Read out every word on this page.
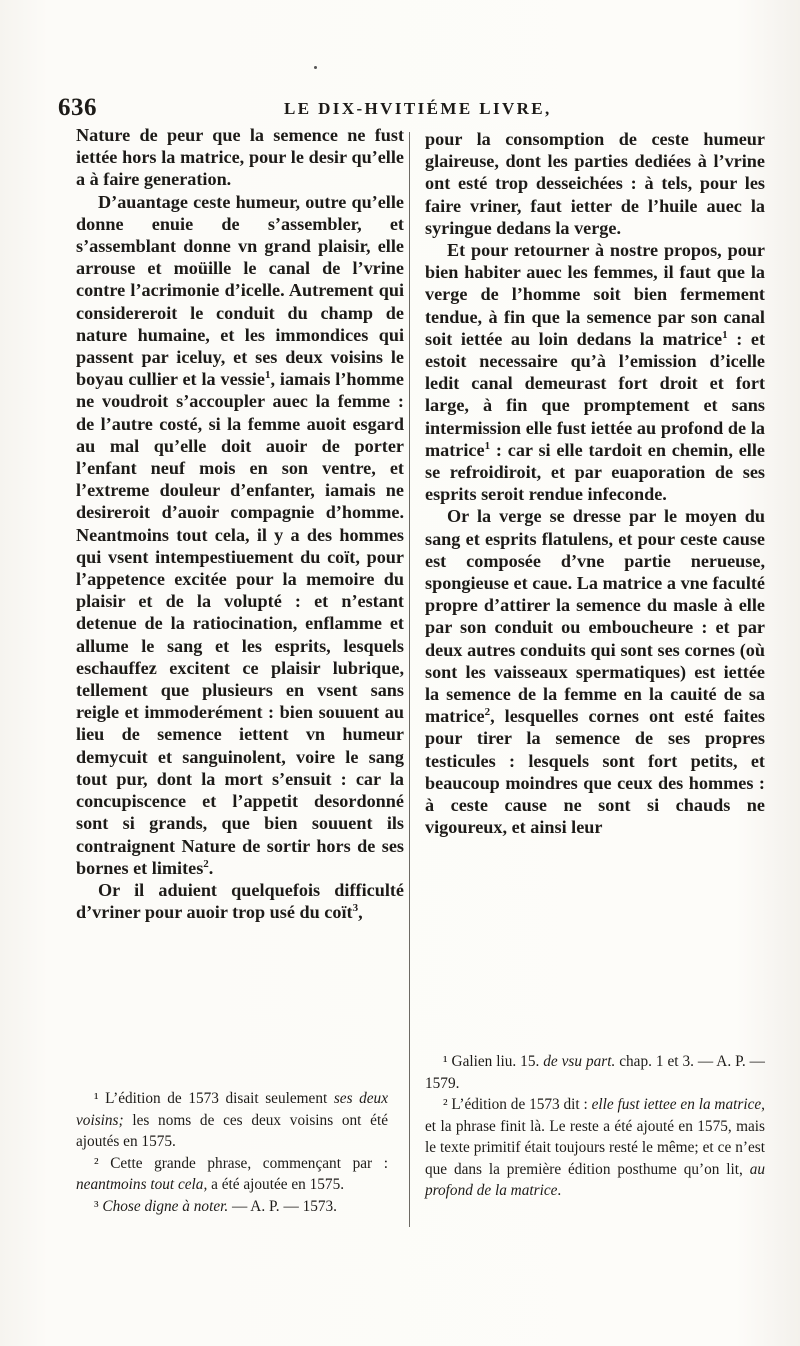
636	LE DIX-HVITIÉME LIVRE,

Nature de peur que la semence ne fust iettée hors la matrice, pour le desir qu’elle a à faire generation.

D’auantage ceste humeur, outre qu’elle donne enuie de s’assembler, et s’assemblant donne vn grand plaisir, elle arrouse et moüille le canal de l’vrine contre l’acrimonie d’icelle. Autrement qui considereroit le conduit du champ de nature humaine, et les immondices qui passent par iceluy, et ses deux voisins le boyau cullier et la vessie$^1$, iamais l’homme ne voudroit s’accoupler auec la femme : de l’autre costé, si la femme auoit esgard au mal qu’elle doit auoir de porter l’enfant neuf mois en son ventre, et l’extreme douleur d’enfanter, iamais ne desireroit d’auoir compagnie d’homme. Neantmoins tout cela, il y a des hommes qui vsent intempestiuement du coït, pour l’appetence excitée pour la memoire du plaisir et de la volupté : et n’estant detenue de la ratiocination, enflamme et allume le sang et les esprits, lesquels eschauffez excitent ce plaisir lubrique, tellement que plusieurs en vsent sans reigle et immoderément : bien souuent au lieu de semence iettent vn humeur demycuit et sanguinolent, voire le sang tout pur, dont la mort s’ensuit : car la concupiscence et l’appetit desordonné sont si grands, que bien souuent ils contraignent Nature de sortir hors de ses bornes et limites$^2$.

Or il aduient quelquefois difficulté d’vriner pour auoir trop usé du coït$^3$,

¹ L’édition de 1573 disait seulement ses deux voisins; les noms de ces deux voisins ont été ajoutés en 1575.

² Cette grande phrase, commençant par : neantmoins tout cela, a été ajoutée en 1575.

³ Chose digne à noter. — A. P. — 1573.

pour la consomption de ceste humeur glaireuse, dont les parties dediées à l’vrine ont esté trop desseichées : à tels, pour les faire vriner, faut ietter de l’huile auec la syringue dedans la verge.

Et pour retourner à nostre propos, pour bien habiter auec les femmes, il faut que la verge de l’homme soit bien fermement tendue, à fin que la semence par son canal soit iettée au loin dedans la matrice$^1$ : et estoit necessaire qu’à l’emission d’icelle ledit canal demeurast fort droit et fort large, à fin que promptement et sans intermission elle fust iettée au profond de la matrice$^1$ : car si elle tardoit en chemin, elle se refroidiroit, et par euaporation de ses esprits seroit rendue infeconde.

Or la verge se dresse par le moyen du sang et esprits flatulens, et pour ceste cause est composée d’vne partie nerueuse, spongieuse et caue. La matrice a vne faculté propre d’attirer la semence du masle à elle par son conduit ou emboucheure : et par deux autres conduits qui sont ses cornes (où sont les vaisseaux spermatiques) est iettée la semence de la femme en la cauité de sa matrice$^2$, lesquelles cornes ont esté faites pour tirer la semence de ses propres testicules : lesquels sont fort petits, et beaucoup moindres que ceux des hommes : à ceste cause ne sont si chauds ne vigoureux, et ainsi leur

¹ Galien liu. 15. de vsu part. chap. 1 et 3. — A. P. — 1579.

² L’édition de 1573 dit : elle fust iettee en la matrice, et la phrase finit là. Le reste a été ajouté en 1575, mais le texte primitif était toujours resté le même; et ce n’est que dans la première édition posthume qu’on lit, au profond de la matrice.
